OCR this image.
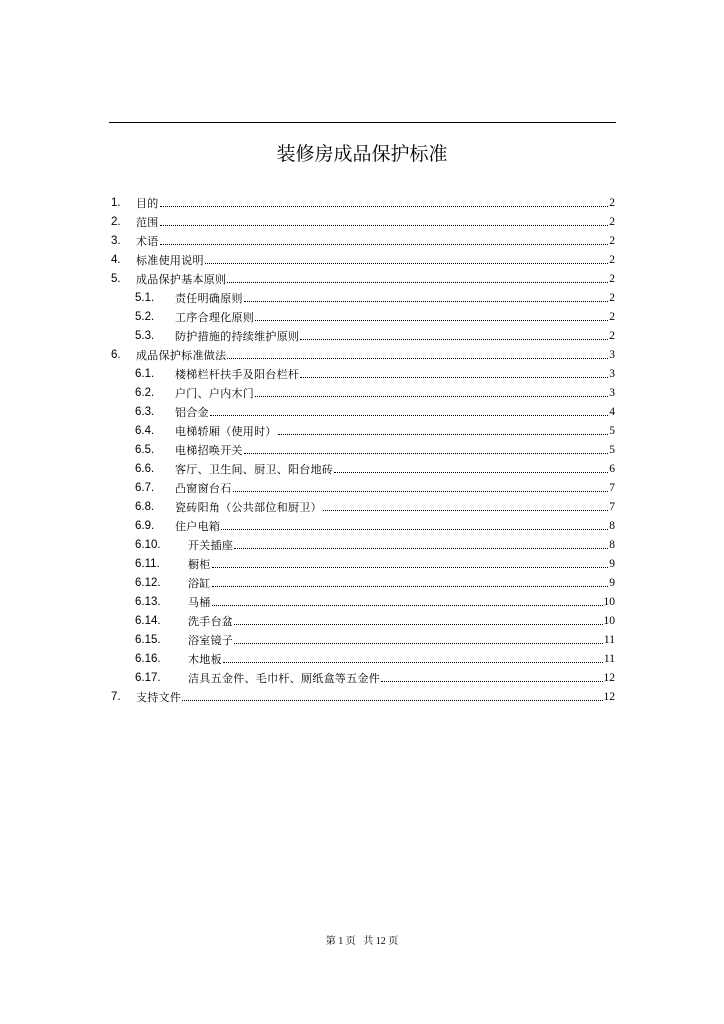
装修房成品保护标准
1.	目的	2
2.	范围	2
3.	术语	2
4.	标准使用说明	2
5.	成品保护基本原则	2
5.1.	责任明确原则	2
5.2.	工序合理化原则	2
5.3.	防护措施的持续维护原则	2
6.	成品保护标准做法	3
6.1.	楼梯栏杆扶手及阳台栏杆	3
6.2.	户门、户内木门	3
6.3.	铝合金	4
6.4.	电梯轿厢（使用时）	5
6.5.	电梯招唤开关	5
6.6.	客厅、卫生间、厨卫、阳台地砖	6
6.7.	凸窗窗台石	7
6.8.	瓷砖阳角（公共部位和厨卫）	7
6.9.	住户电箱	8
6.10.	开关插座	8
6.11.	橱柜	9
6.12.	浴缸	9
6.13.	马桶	10
6.14.	洗手台盆	10
6.15.	浴室镜子	11
6.16.	木地板	11
6.17.	洁具五金件、毛巾杆、厕纸盒等五金件	12
7.	支持文件	12
第 1 页 共 12 页
